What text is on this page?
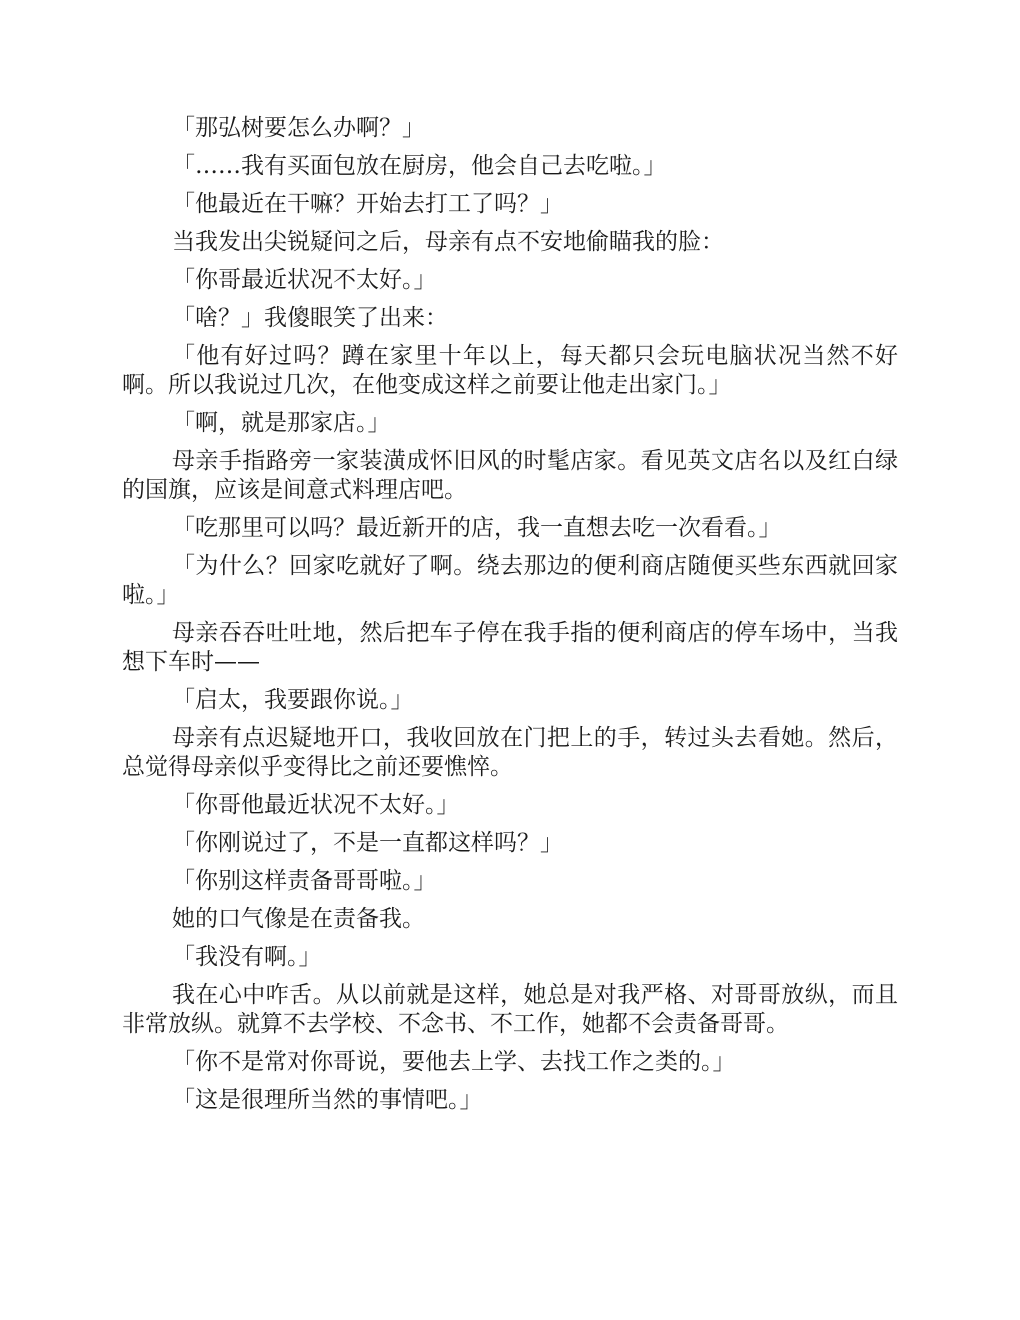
「那弘树要怎么办啊？」

「……我有买面包放在厨房，他会自己去吃啦。」

「他最近在干嘛？开始去打工了吗？」

当我发出尖锐疑问之后，母亲有点不安地偷瞄我的脸：

「你哥最近状况不太好。」

「啥？」我傻眼笑了出来：

「他有好过吗？蹲在家里十年以上，每天都只会玩电脑状况当然不好啊。所以我说过几次，在他变成这样之前要让他走出家门。」

「啊，就是那家店。」

母亲手指路旁一家装潢成怀旧风的时髦店家。看见英文店名以及红白绿的国旗，应该是间意式料理店吧。

「吃那里可以吗？最近新开的店，我一直想去吃一次看看。」

「为什么？回家吃就好了啊。绕去那边的便利商店随便买些东西就回家啦。」

母亲吞吞吐吐地，然后把车子停在我手指的便利商店的停车场中，当我想下车时——

「启太，我要跟你说。」

母亲有点迟疑地开口，我收回放在门把上的手，转过头去看她。然后，总觉得母亲似乎变得比之前还要憔悴。

「你哥他最近状况不太好。」

「你刚说过了，不是一直都这样吗？」

「你别这样责备哥哥啦。」

她的口气像是在责备我。

「我没有啊。」

我在心中咋舌。从以前就是这样，她总是对我严格、对哥哥放纵，而且非常放纵。就算不去学校、不念书、不工作，她都不会责备哥哥。

「你不是常对你哥说，要他去上学、去找工作之类的。」

「这是很理所当然的事情吧。」
